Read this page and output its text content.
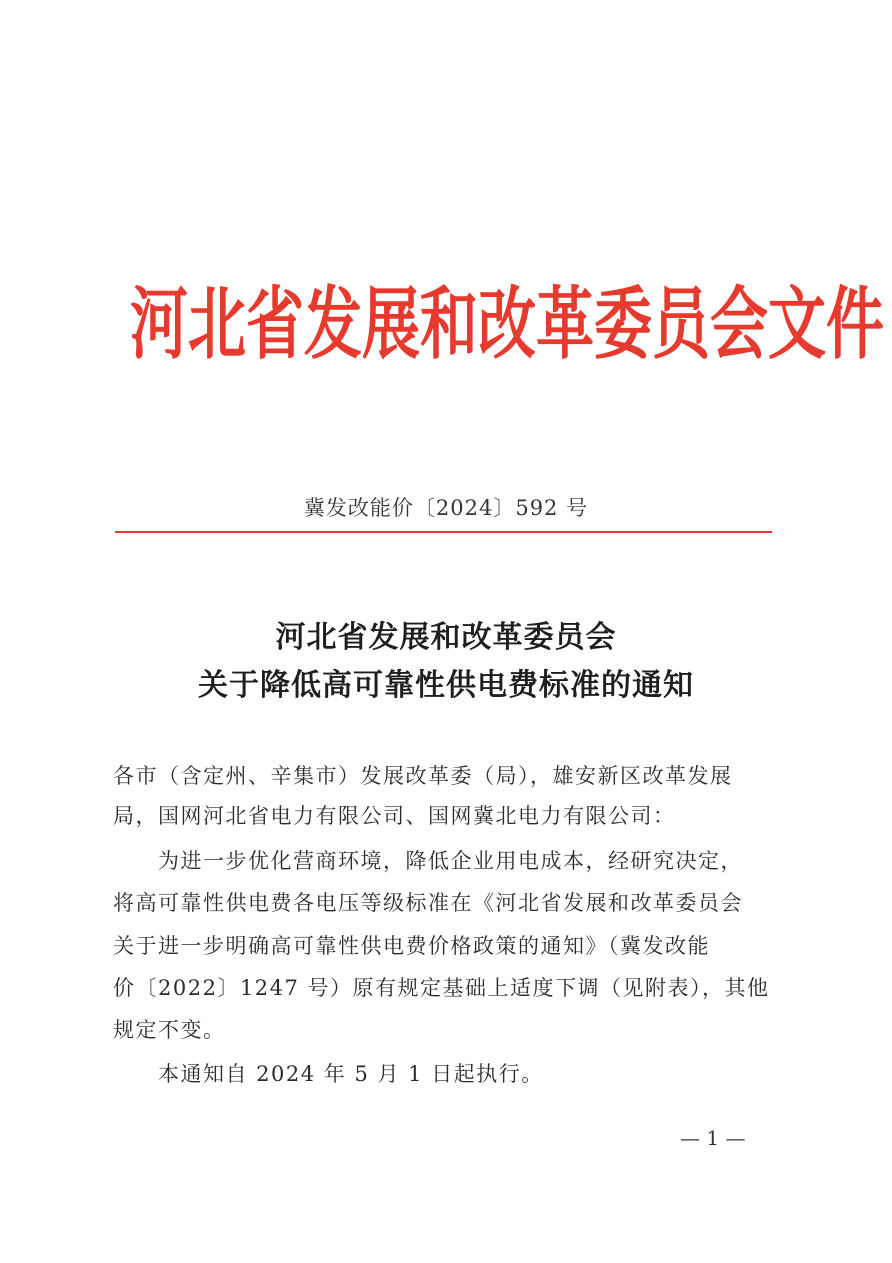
河北省发展和改革委员会文件
冀发改能价〔2024〕592 号
河北省发展和改革委员会
关于降低高可靠性供电费标准的通知
各市（含定州、辛集市）发展改革委（局），雄安新区改革发展
局，国网河北省电力有限公司、国网冀北电力有限公司：
为进一步优化营商环境，降低企业用电成本，经研究决定，
将高可靠性供电费各电压等级标准在《河北省发展和改革委员会
关于进一步明确高可靠性供电费价格政策的通知》（冀发改能
价〔2022〕1247 号）原有规定基础上适度下调（见附表），其他
规定不变。
本通知自 2024 年 5 月 1 日起执行。
— 1 —
